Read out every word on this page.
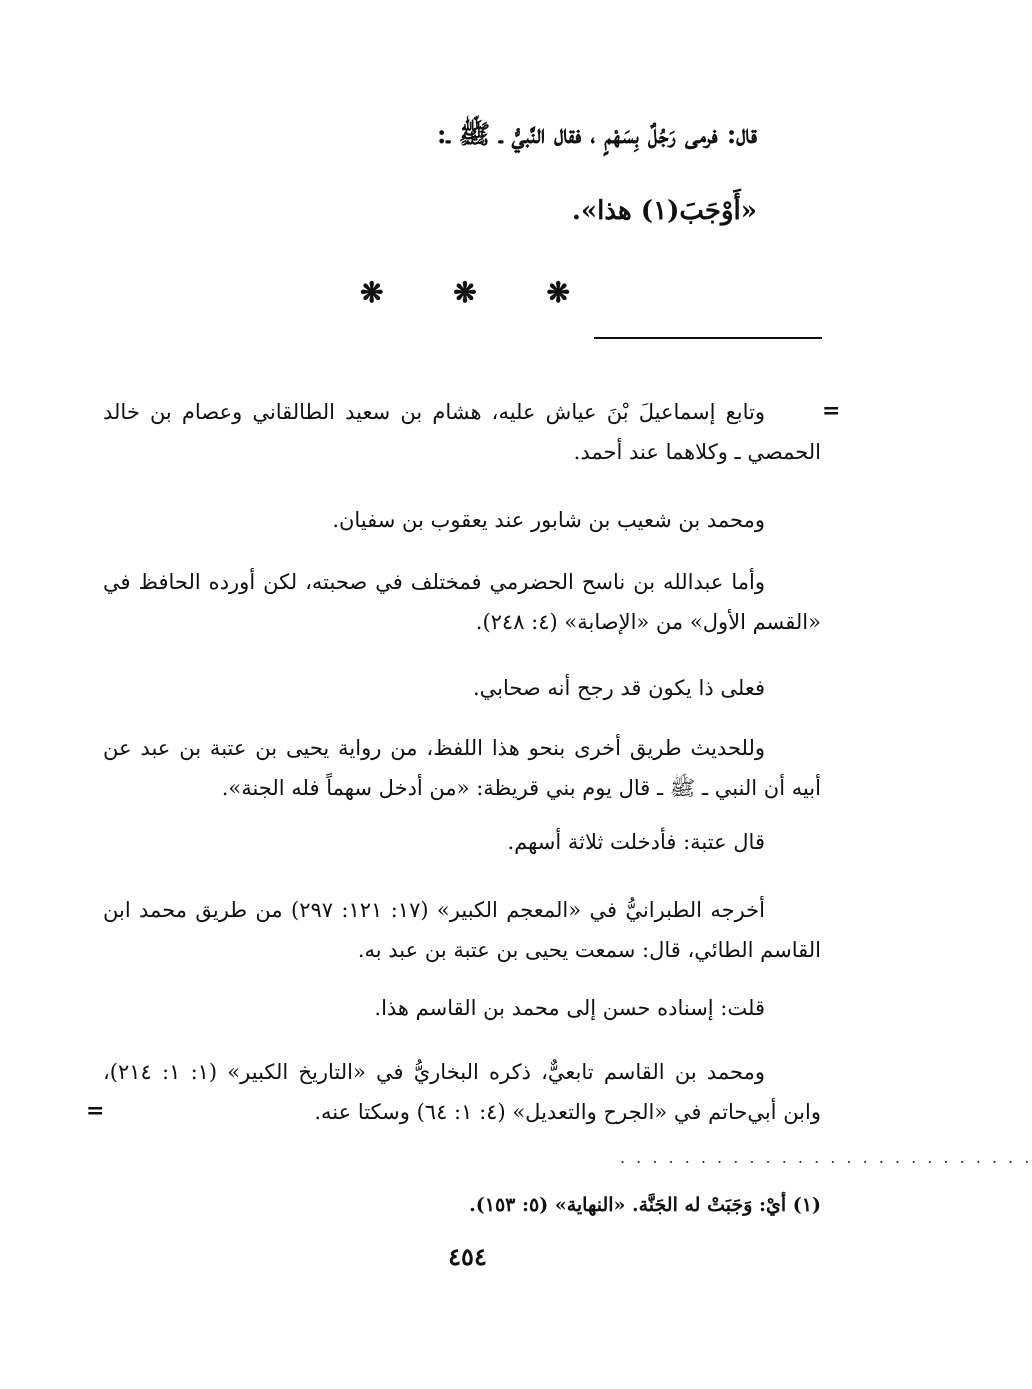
قال: فرمى رَجُلٌ بِسَهْمٍ ، فقال النَّبيُّ ـ ﷺ ـ:
«أَوْجَبَ(١) هذا».
❋ ❋ ❋
=
وتابع إسماعيلَ بْنَ عياش عليه، هشام بن سعيد الطالقاني وعصام بن خالد الحمصي ـ وكلاهما عند أحمد.
ومحمد بن شعيب بن شابور عند يعقوب بن سفيان.
وأما عبدالله بن ناسح الحضرمي فمختلف في صحبته، لكن أورده الحافظ في «القسم الأول» من «الإصابة» (٤: ٢٤٨).
فعلى ذا يكون قد رجح أنه صحابي.
وللحديث طريق أخرى بنحو هذا اللفظ، من رواية يحيى بن عتبة بن عبد عن أبيه أن النبي ـ ﷺ ـ قال يوم بني قريظة: «من أدخل سهماً فله الجنة».
قال عتبة: فأدخلت ثلاثة أسهم.
أخرجه الطبرانيُّ في «المعجم الكبير» (١٧: ١٢١: ٢٩٧) من طريق محمد ابن القاسم الطائي، قال: سمعت يحيى بن عتبة بن عبد به.
قلت: إسناده حسن إلى محمد بن القاسم هذا.
ومحمد بن القاسم تابعيٌّ، ذكره البخاريُّ في «التاريخ الكبير» (١: ١: ٢١٤)، وابن أبي‌حاتم في «الجرح والتعديل» (٤: ١: ٦٤) وسكتا عنه.
=
. . . . . . . . . . . . . . . . . . . . . . . . . .
(١) أيْ: وَجَبَتْ له الجَنَّة. «النهاية» (٥: ١٥٣).
٤٥٤
